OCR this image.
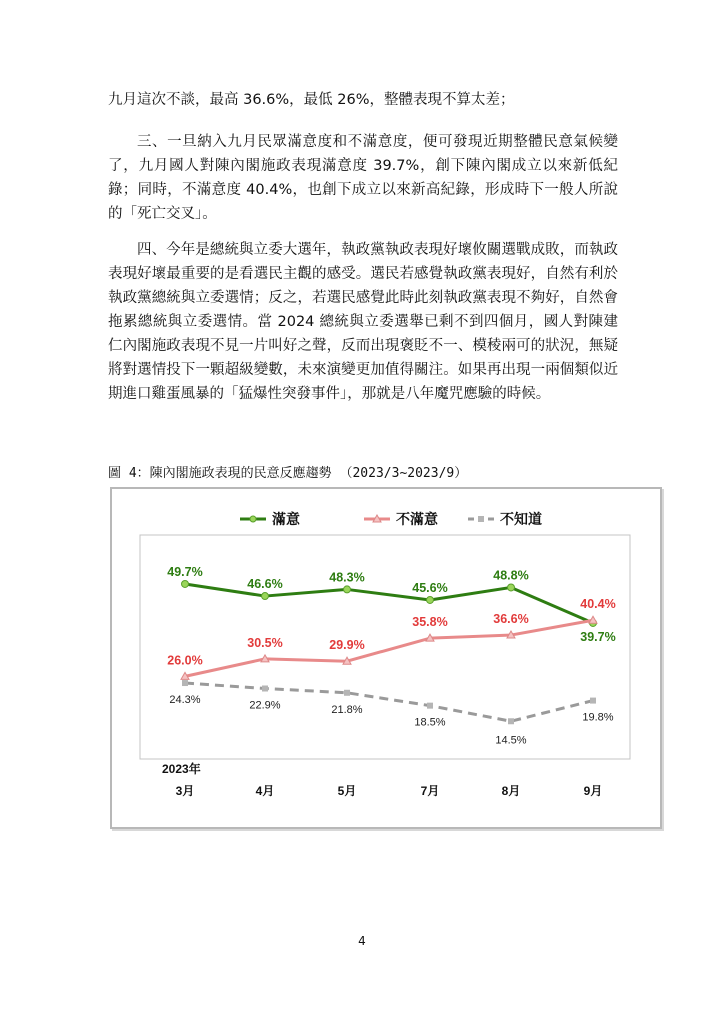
九月這次不談，最高 36.6%，最低 26%，整體表現不算太差；

三、一旦納入九月民眾滿意度和不滿意度，便可發現近期整體民意氣候變了，九月國人對陳內閣施政表現滿意度 39.7%，創下陳內閣成立以來新低紀錄；同時，不滿意度 40.4%，也創下成立以來新高紀錄，形成時下一般人所說的「死亡交叉」。

四、今年是總統與立委大選年，執政黨執政表現好壞攸關選戰成敗，而執政表現好壞最重要的是看選民主觀的感受。選民若感覺執政黨表現好，自然有利於執政黨總統與立委選情；反之，若選民感覺此時此刻執政黨表現不夠好，自然會拖累總統與立委選情。當 2024 總統與立委選舉已剩不到四個月，國人對陳建仁內閣施政表現不見一片叫好之聲，反而出現褒貶不一、模稜兩可的狀況，無疑將對選情投下一顆超級變數，未來演變更加值得關注。如果再出現一兩個類似近期進口雞蛋風暴的「猛爆性突發事件」，那就是八年魔咒應驗的時候。

圖 4：陳內閣施政表現的民意反應趨勢 （2023/3~2023/9）

49.7%
46.6%	48.3%
45.6%
48.8%
39.7%
26.0%
30.5%	29.9%
35.8%	36.6%
40.4%
24.3%	22.9%	21.8%
18.5%
14.5%
19.8%
滿意	不滿意	不知道
2023年
3月	4月	5月	7月	8月	9月

4
